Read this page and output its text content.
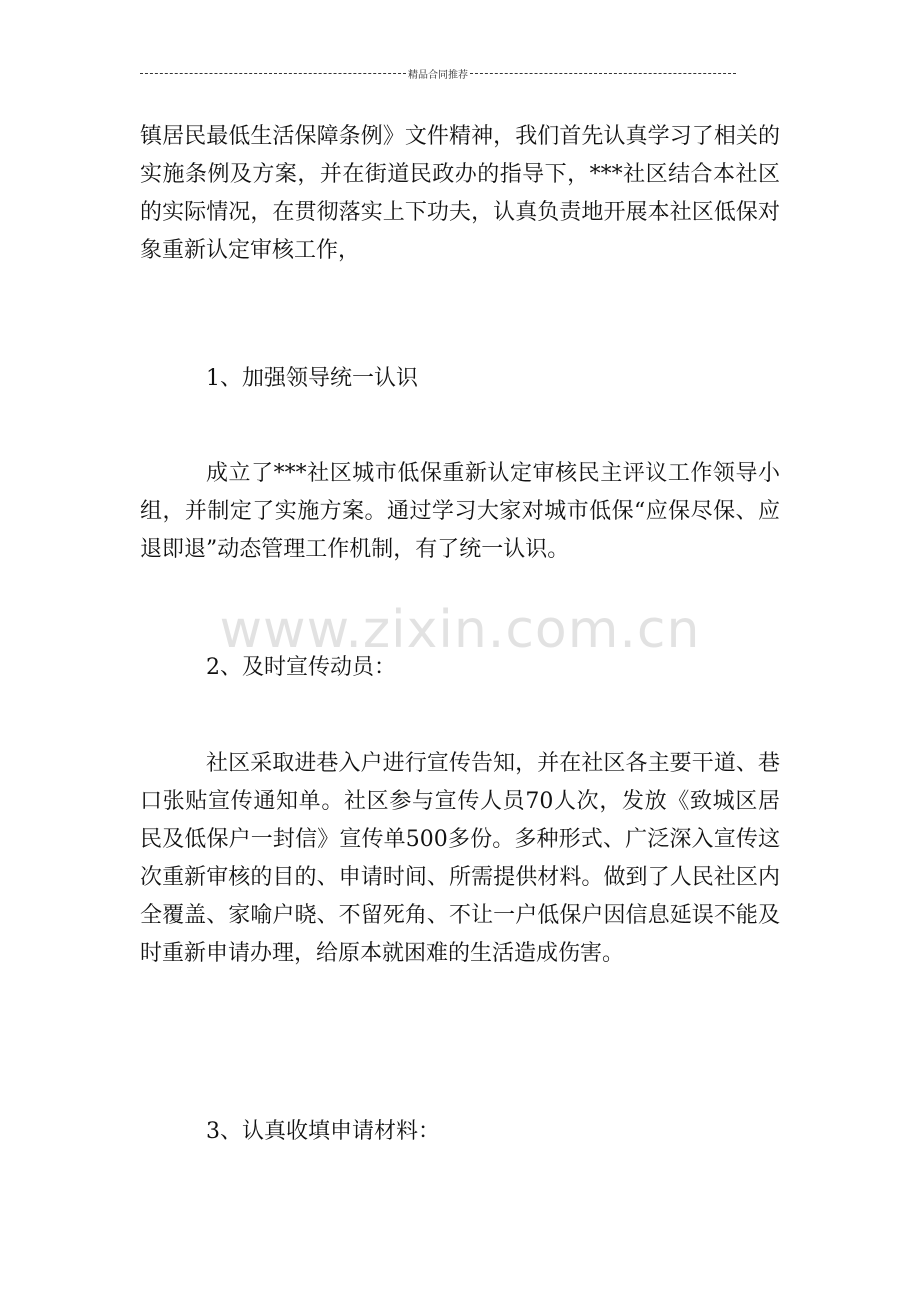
精品合同推荐
www.zixin.com.cn

镇居民最低生活保障条例》文件精神，我们首先认真学习了相关的实施条例及方案，并在街道民政办的指导下，***社区结合本社区的实际情况，在贯彻落实上下功夫，认真负责地开展本社区低保对象重新认定审核工作，

1、加强领导统一认识

成立了***社区城市低保重新认定审核民主评议工作领导小组，并制定了实施方案。通过学习大家对城市低保“应保尽保、应退即退”动态管理工作机制，有了统一认识。

2、及时宣传动员：

社区采取进巷入户进行宣传告知，并在社区各主要干道、巷口张贴宣传通知单。社区参与宣传人员70人次，发放《致城区居民及低保户一封信》宣传单500多份。多种形式、广泛深入宣传这次重新审核的目的、申请时间、所需提供材料。做到了人民社区内全覆盖、家喻户晓、不留死角、不让一户低保户因信息延误不能及时重新申请办理，给原本就困难的生活造成伤害。

3、认真收填申请材料：
